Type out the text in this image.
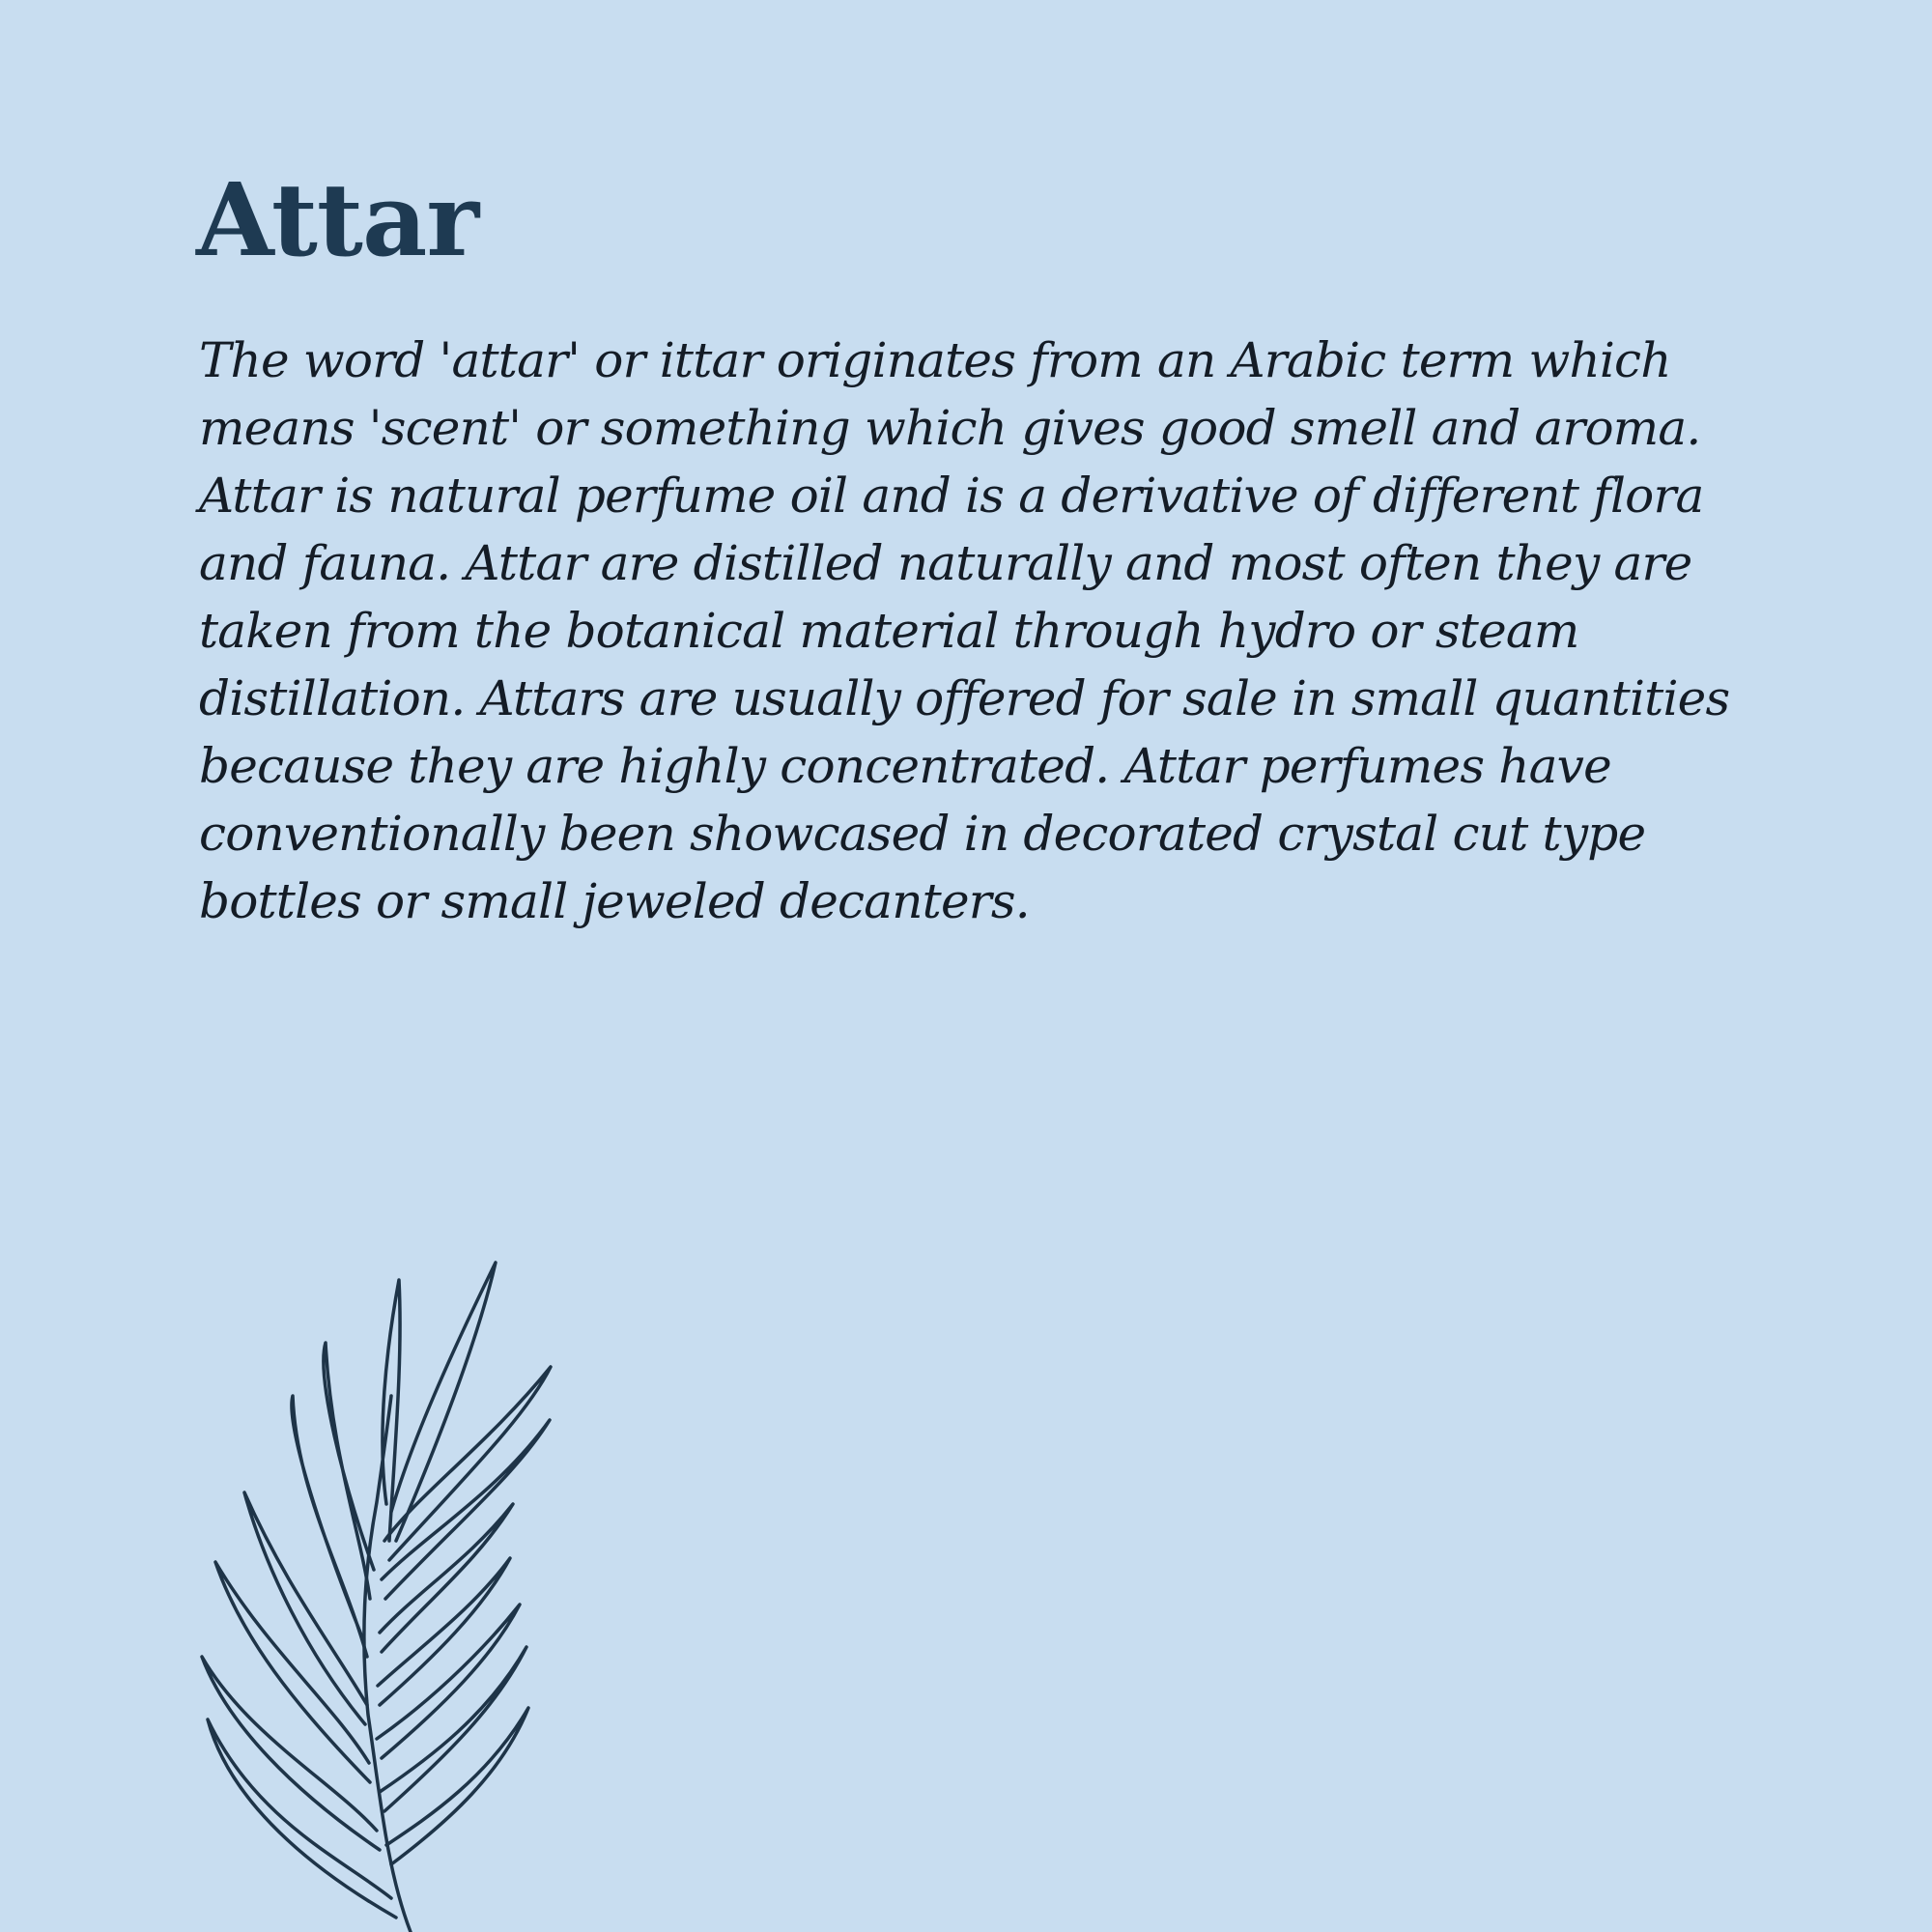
Attar

The word 'attar' or ittar originates from an Arabic term which
means 'scent' or something which gives good smell and aroma.
Attar is natural perfume oil and is a derivative of different flora
and fauna. Attar are distilled naturally and most often they are
taken from the botanical material through hydro or steam
distillation. Attars are usually offered for sale in small quantities
because they are highly concentrated. Attar perfumes have
conventionally been showcased in decorated crystal cut type
bottles or small jeweled decanters.
